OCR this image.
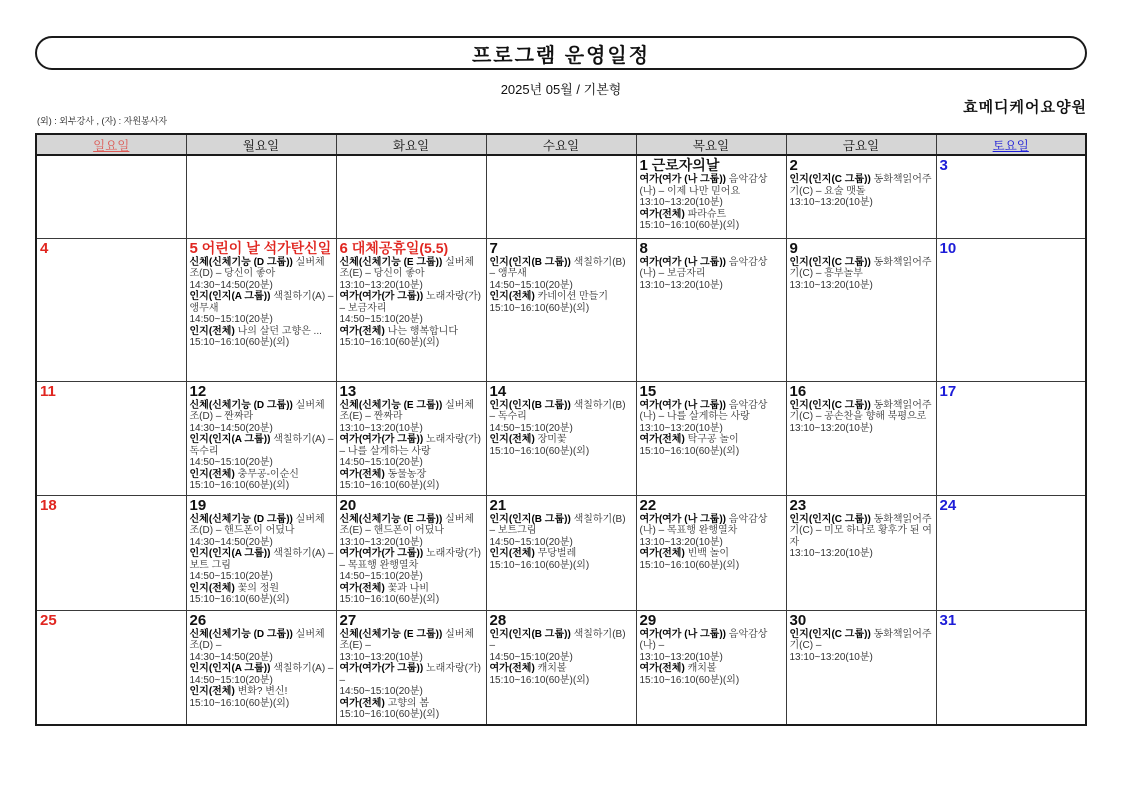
프로그램 운영일정
2025년 05월 / 기본형
효메디케어요양원
(외) : 외부강사 , (자) : 자원봉사자
일요일	월요일	화요일	수요일	목요일	금요일	토요일
				1 근로자의날
여가(여가 (나 그룹)) 음악감상(나) – 이제 나만 믿어요
13:10~13:20(10분)
여가(전체) 파라슈트
15:10~16:10(60분)(외)
	2
인지(인지(C 그룹)) 동화책읽어주기(C) – 요술 맷돌
13:10~13:20(10분)
	3
4	5 어린이 날 석가탄신일
신체(신체기능 (D 그룹)) 실버체조(D) – 당신이 좋아
14:30~14:50(20분)
인지(인지(A 그룹)) 색칠하기(A) – 앵무새
14:50~15:10(20분)
인지(전체) 나의 살던 고향은 ...
15:10~16:10(60분)(외)
	6 대체공휴일(5.5)
신체(신체기능 (E 그룹)) 실버체조(E) – 당신이 좋아
13:10~13:20(10분)
여가(여가(가 그룹)) 노래자랑(가) – 보금자리
14:50~15:10(20분)
여가(전체) 나는 행복합니다
15:10~16:10(60분)(외)
	7
인지(인지(B 그룹)) 색칠하기(B) – 앵무새
14:50~15:10(20분)
인지(전체) 카네이션 만들기
15:10~16:10(60분)(외)
	8
여가(여가 (나 그룹)) 음악감상(나) – 보금자리
13:10~13:20(10분)
	9
인지(인지(C 그룹)) 동화책읽어주기(C) – 흥부놀부
13:10~13:20(10분)
	10
11	12
신체(신체기능 (D 그룹)) 실버체조(D) – 짠짜라
14:30~14:50(20분)
인지(인지(A 그룹)) 색칠하기(A) – 독수리
14:50~15:10(20분)
인지(전체) 충무공-이순신
15:10~16:10(60분)(외)
	13
신체(신체기능 (E 그룹)) 실버체조(E) – 짠짜라
13:10~13:20(10분)
여가(여가(가 그룹)) 노래자랑(가) – 나를 살게하는 사랑
14:50~15:10(20분)
여가(전체) 동물농장
15:10~16:10(60분)(외)
	14
인지(인지(B 그룹)) 색칠하기(B) – 독수리
14:50~15:10(20분)
인지(전체) 장미꽃
15:10~16:10(60분)(외)
	15
여가(여가 (나 그룹)) 음악감상(나) – 나를 살게하는 사랑
13:10~13:20(10분)
여가(전체) 탁구공 놀이
15:10~16:10(60분)(외)
	16
인지(인지(C 그룹)) 동화책읽어주기(C) – 공손찬을 향해 북평으로
13:10~13:20(10분)
	17
18	19
신체(신체기능 (D 그룹)) 실버체조(D) – 핸드폰이 어딨나
14:30~14:50(20분)
인지(인지(A 그룹)) 색칠하기(A) – 보트 그림
14:50~15:10(20분)
인지(전체) 꽃의 정원
15:10~16:10(60분)(외)
	20
신체(신체기능 (E 그룹)) 실버체조(E) – 핸드폰이 어딨나
13:10~13:20(10분)
여가(여가(가 그룹)) 노래자랑(가) – 목표행 완행열차
14:50~15:10(20분)
여가(전체) 꽃과 나비
15:10~16:10(60분)(외)
	21
인지(인지(B 그룹)) 색칠하기(B) – 보트그림
14:50~15:10(20분)
인지(전체) 무당벌레
15:10~16:10(60분)(외)
	22
여가(여가 (나 그룹)) 음악감상(나) – 목표행 완행열차
13:10~13:20(10분)
여가(전체) 빈백 놀이
15:10~16:10(60분)(외)
	23
인지(인지(C 그룹)) 동화책읽어주기(C) – 미모 하나로 황후가 된 여자
13:10~13:20(10분)
	24
25	26
신체(신체기능 (D 그룹)) 실버체조(D) –
14:30~14:50(20분)
인지(인지(A 그룹)) 색칠하기(A) –
14:50~15:10(20분)
인지(전체) 변화? 변신!
15:10~16:10(60분)(외)
	27
신체(신체기능 (E 그룹)) 실버체조(E) –
13:10~13:20(10분)
여가(여가(가 그룹)) 노래자랑(가) –
14:50~15:10(20분)
여가(전체) 고향의 봄
15:10~16:10(60분)(외)
	28
인지(인지(B 그룹)) 색칠하기(B) –
14:50~15:10(20분)
여가(전체) 캐치볼
15:10~16:10(60분)(외)
	29
여가(여가 (나 그룹)) 음악감상(나) –
13:10~13:20(10분)
여가(전체) 캐치볼
15:10~16:10(60분)(외)
	30
인지(인지(C 그룹)) 동화책읽어주기(C) –
13:10~13:20(10분)
	31
